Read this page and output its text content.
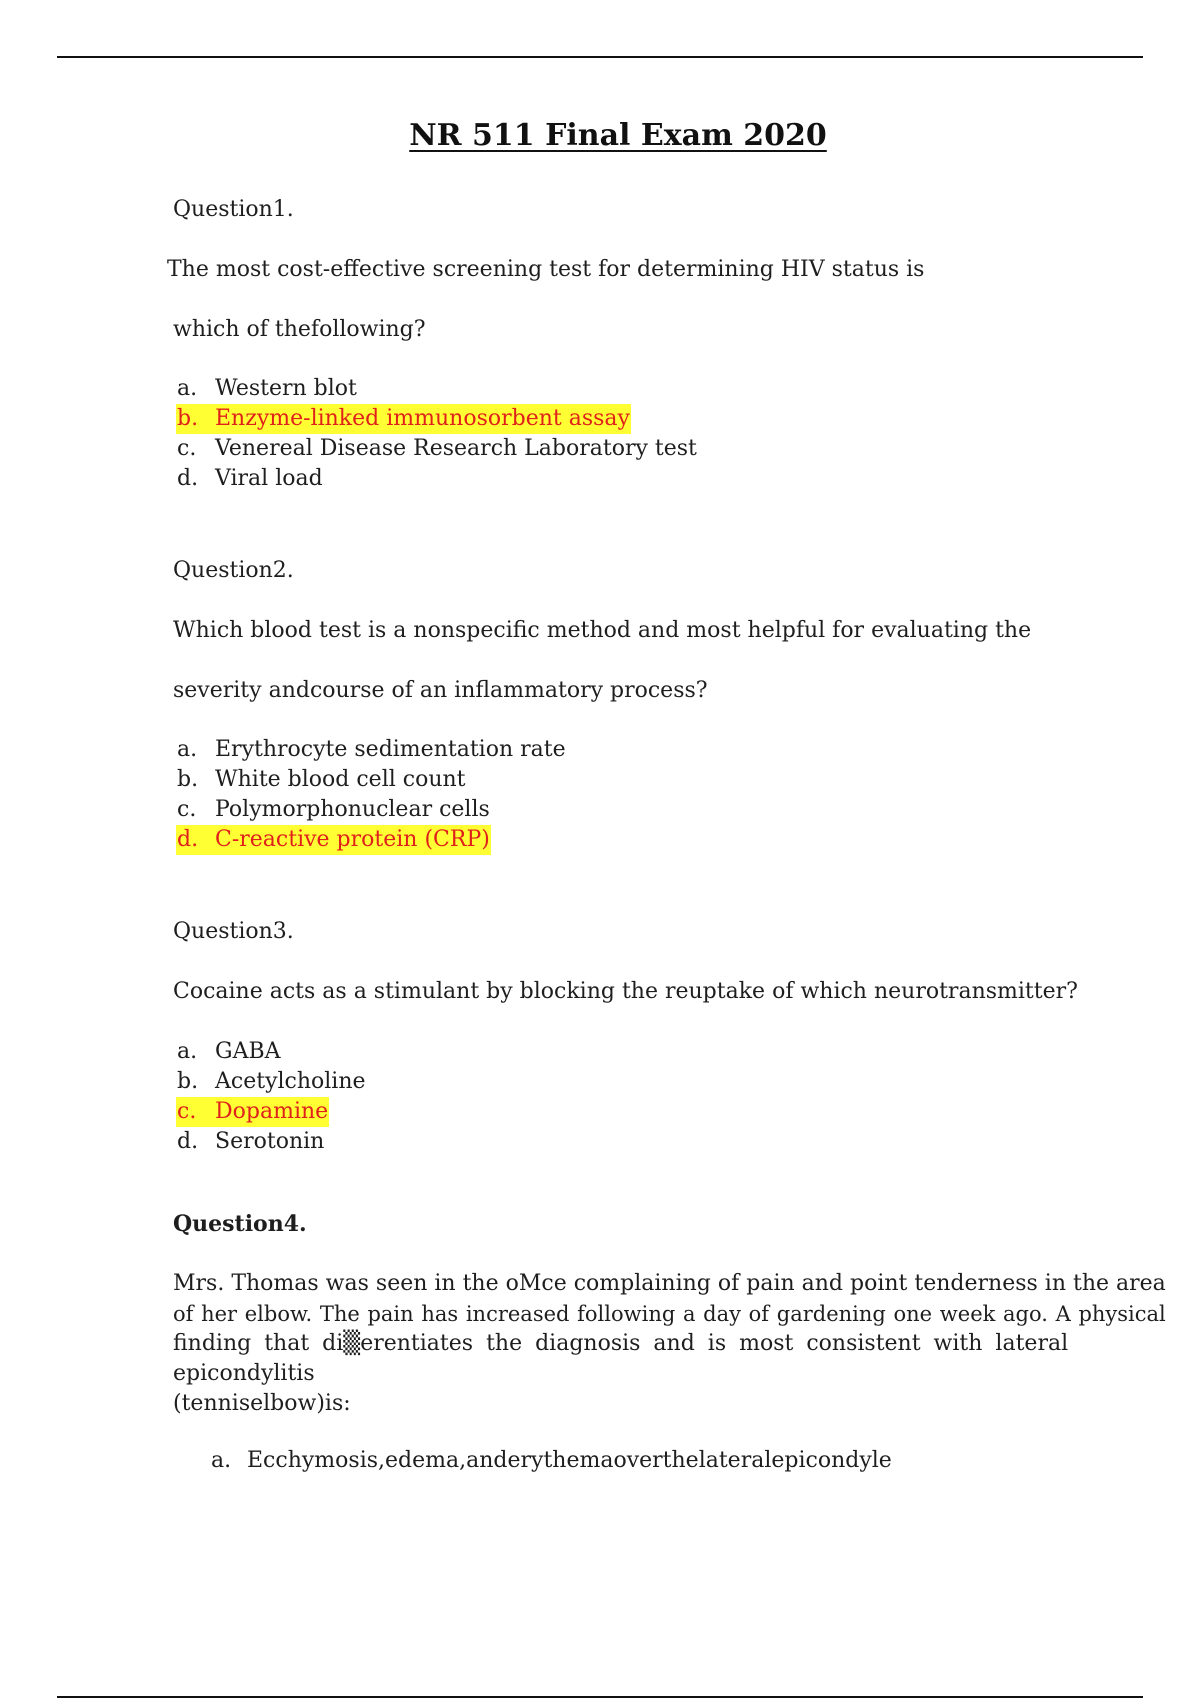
NR 511 Final Exam 2020

Question1.

The most cost-effective screening test for determining HIV status is

which of thefollowing?

a. Western blot
b. Enzyme-linked immunosorbent assay
c. Venereal Disease Research Laboratory test
d. Viral load

Question2.

Which blood test is a nonspecific method and most helpful for evaluating the

severity andcourse of an inflammatory process?

a. Erythrocyte sedimentation rate
b. White blood cell count
c. Polymorphonuclear cells
d. C-reactive protein (CRP)

Question3.

Cocaine acts as a stimulant by blocking the reuptake of which neurotransmitter?

a. GABA
b. Acetylcholine
c. Dopamine
d. Serotonin

Question4.

Mrs. Thomas was seen in the oMce complaining of pain and point tenderness in the area
of her elbow. The pain has increased following a day of gardening one week ago. A physical
finding that di▒erentiates the diagnosis and is most consistent with lateral
epicondylitis
(tenniselbow)is:
a. Ecchymosis,edema,anderythemaoverthelateralepicondyle
